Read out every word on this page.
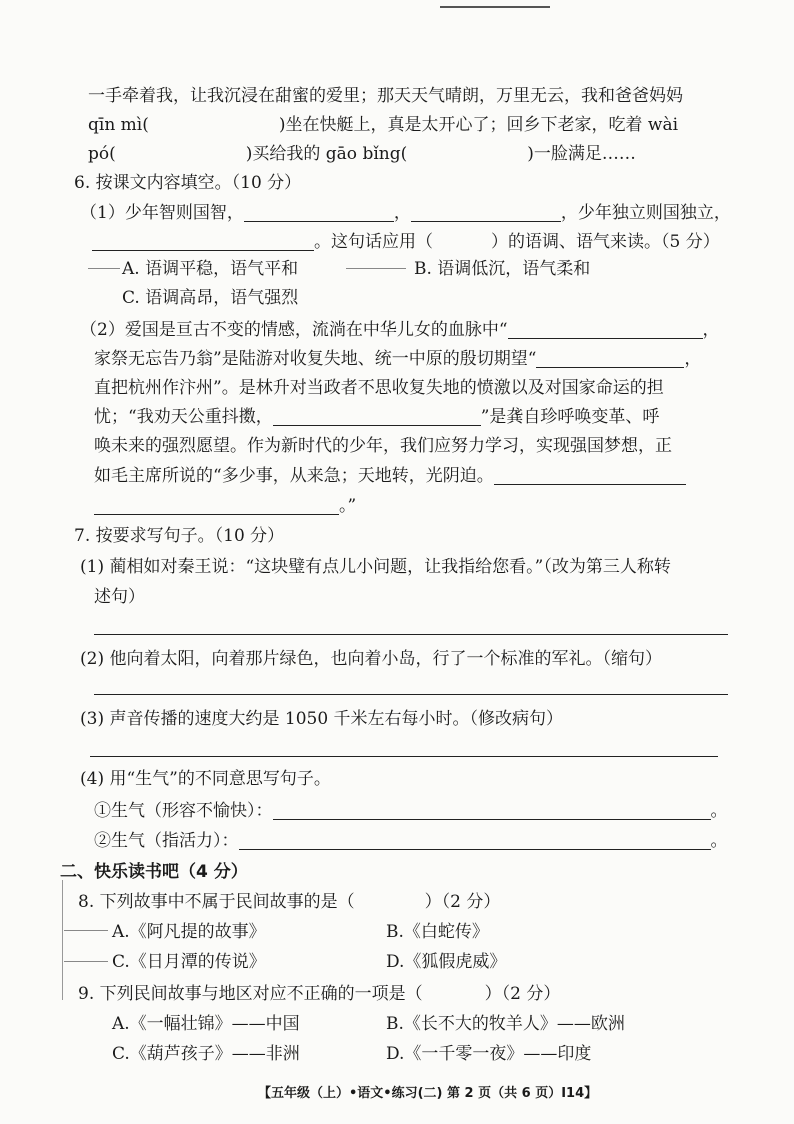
一手牵着我，让我沉浸在甜蜜的爱里；那天天气晴朗，万里无云，我和爸爸妈妈
qīn mì(	)坐在快艇上，真是太开心了；回乡下老家，吃着 wài
pó(	)买给我的 gāo bǐng(	)一脸满足……
6. 按课文内容填空。（10 分）
（1）少年智则国智，	，	，少年独立则国独立，
。这句话应用（	）的语调、语气来读。（5 分）
A. 语调平稳，语气平和	B. 语调低沉，语气柔和
C. 语调高昂，语气强烈
（2）爱国是亘古不变的情感，流淌在中华儿女的血脉中“	，
家祭无忘告乃翁”是陆游对收复失地、统一中原的殷切期望“	，
直把杭州作汴州”。是林升对当政者不思收复失地的愤激以及对国家命运的担
忧；“我劝天公重抖擞，	”是龚自珍呼唤变革、呼
唤未来的强烈愿望。作为新时代的少年，我们应努力学习，实现强国梦想，正
如毛主席所说的“多少事，从来急；天地转，光阴迫。
。”
7. 按要求写句子。（10 分）
(1) 蔺相如对秦王说：“这块璧有点儿小问题，让我指给您看。”（改为第三人称转
述句）
(2) 他向着太阳，向着那片绿色，也向着小岛，行了一个标准的军礼。（缩句）
(3) 声音传播的速度大约是 1050 千米左右每小时。（修改病句）
(4) 用“生气”的不同意思写句子。
①生气（形容不愉快）：	。
②生气（指活力）：	。
二、快乐读书吧（4 分）
8. 下列故事中不属于民间故事的是（	）（2 分）
A.《阿凡提的故事》	B.《白蛇传》
C.《日月潭的传说》	D.《狐假虎威》
9. 下列民间故事与地区对应不正确的一项是（	）（2 分）
A.《一幅壮锦》——中国	B.《长不大的牧羊人》——欧洲
C.《葫芦孩子》——非洲	D.《一千零一夜》——印度
【五年级（上）•语文•练习(二) 第 2 页（共 6 页）I14】
